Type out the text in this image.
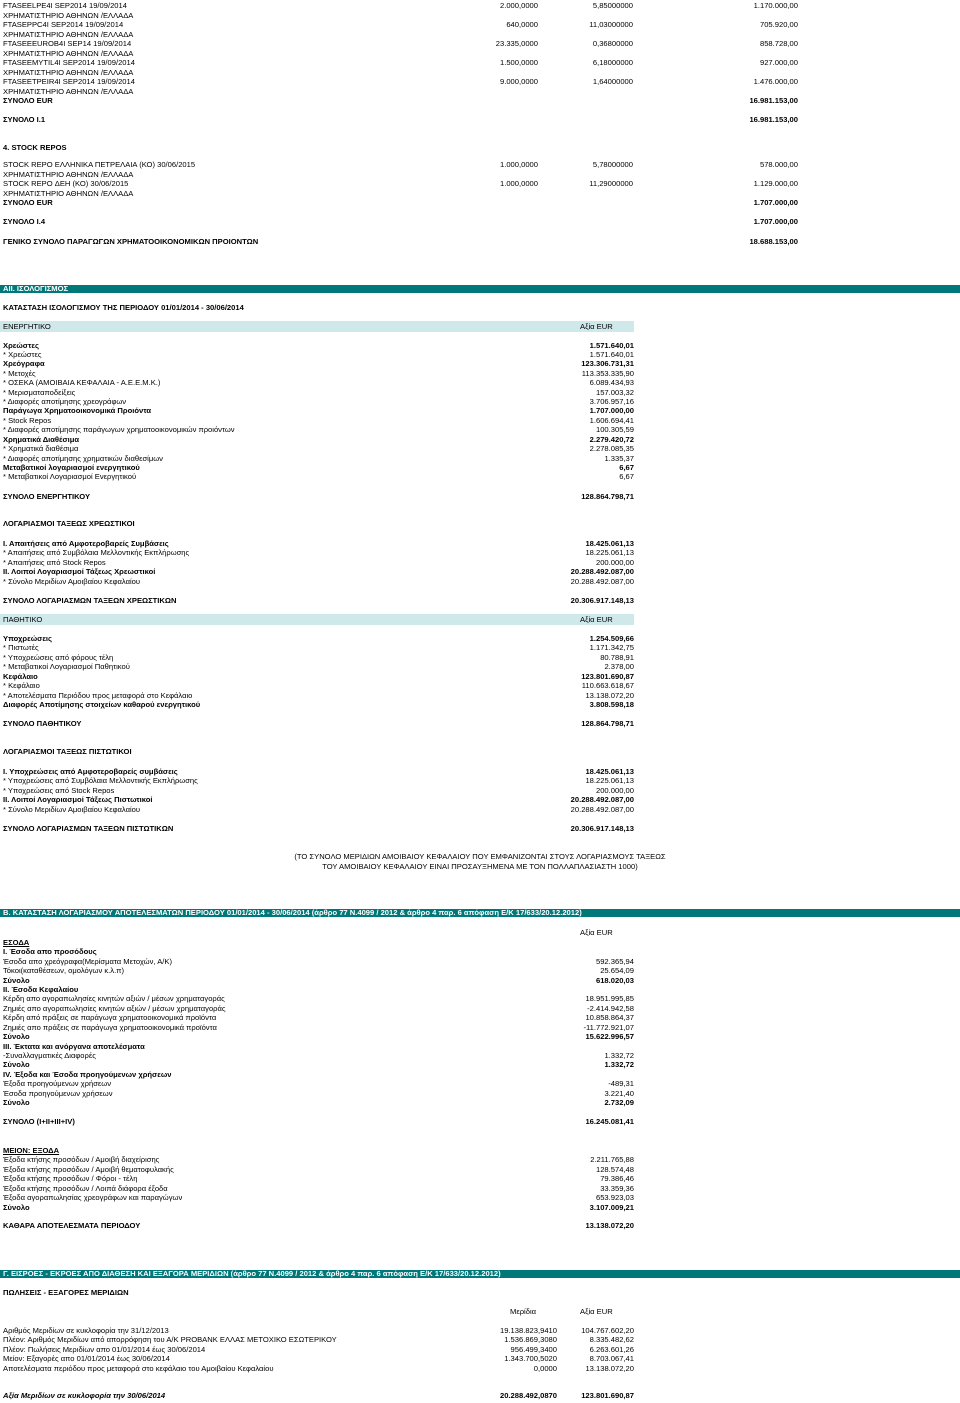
FTASEELPE4I SEP2014 19/09/2014	2.000,0000	5,85000000	1.170.000,00
ΧΡΗΜΑΤΙΣΤΗΡΙΟ ΑΘΗΝΩΝ /ΕΛΛΑΔΑ
FTASEPPC4I SEP2014 19/09/2014	640,0000	11,03000000	705.920,00
ΧΡΗΜΑΤΙΣΤΗΡΙΟ ΑΘΗΝΩΝ /ΕΛΛΑΔΑ
FTASEEEUROB4I SEP14 19/09/2014	23.335,0000	0,36800000	858.728,00
ΧΡΗΜΑΤΙΣΤΗΡΙΟ ΑΘΗΝΩΝ /ΕΛΛΑΔΑ
FTASEEMYTIL4I SEP2014 19/09/2014	1.500,0000	6,18000000	927.000,00
ΧΡΗΜΑΤΙΣΤΗΡΙΟ ΑΘΗΝΩΝ /ΕΛΛΑΔΑ
FTASEETPEIR4I SEP2014 19/09/2014	9.000,0000	1,64000000	1.476.000,00
ΧΡΗΜΑΤΙΣΤΗΡΙΟ ΑΘΗΝΩΝ /ΕΛΛΑΔΑ
ΣΥΝΟΛΟ EUR	16.981.153,00
ΣΥΝΟΛΟ I.1	16.981.153,00
4. STOCK REPOS
STOCK REPO ΕΛΛΗΝΙΚΑ ΠΕΤΡΕΛΑΙΑ (ΚΟ) 30/06/2015	1.000,0000	5,78000000	578.000,00
ΧΡΗΜΑΤΙΣΤΗΡΙΟ ΑΘΗΝΩΝ /ΕΛΛΑΔΑ
STOCK REPO ΔΕΗ (ΚΟ) 30/06/2015	1.000,0000	11,29000000	1.129.000,00
ΧΡΗΜΑΤΙΣΤΗΡΙΟ ΑΘΗΝΩΝ /ΕΛΛΑΔΑ
ΣΥΝΟΛΟ EUR	1.707.000,00
ΣΥΝΟΛΟ I.4	1.707.000,00
ΓΕΝΙΚΟ ΣΥΝΟΛΟ ΠΑΡΑΓΩΓΩΝ ΧΡΗΜΑΤΟΟΙΚΟΝΟΜΙΚΩΝ ΠΡΟΙΟΝΤΩΝ	18.688.153,00
ΑΙΙ. ΙΣΟΛΟΓΙΣΜΟΣ
ΚΑΤΑΣΤΑΣΗ ΙΣΟΛΟΓΙΣΜΟΥ ΤΗΣ ΠΕΡΙΟΔΟΥ 01/01/2014 - 30/06/2014
ΕΝΕΡΓΗΤΙΚΟ	Αξία EUR
Χρεώστες	1.571.640,01
* Χρεώστες	1.571.640,01
Χρεόγραφα	123.306.731,31
* Μετοχές	113.353.335,90
* ΟΣΕΚΑ (ΑΜΟΙΒΑΙΑ ΚΕΦΑΛΑΙΑ - Α.Ε.Ε.Μ.Κ.)	6.089.434,93
* Μερισματαποδείξεις	157.003,32
* Διαφορές αποτίμησης χρεογράφων	3.706.957,16
Παράγωγα Χρηματοοικονομικά Προιόντα	1.707.000,00
* Stock Repos	1.606.694,41
* Διαφορές αποτίμησης παράγωγων χρηματοοικονομικών προιόντων	100.305,59
Χρηματικά Διαθέσιμα	2.279.420,72
* Χρηματικά διαθέσιμα	2.278.085,35
* Διαφορές αποτίμησης χρηματικών διαθεσίμων	1.335,37
Μεταβατικοί λογαριασμοί ενεργητικού	6,67
* Μεταβατικοί Λογαριασμοί Ενεργητικού	6,67
ΣΥΝΟΛΟ ΕΝΕΡΓΗΤΙΚΟΥ	128.864.798,71
ΛΟΓΑΡΙΑΣΜΟΙ ΤΑΞΕΩΣ ΧΡΕΩΣΤΙΚΟΙ
Ι. Απαιτήσεις από Αμφοτεροβαρείς Συμβάσεις	18.425.061,13
* Απαιτήσεις από Συμβόλαια Μελλοντικής Εκπλήρωσης	18.225.061,13
* Απαιτήσεις από Stock Repos	200.000,00
ΙΙ. Λοιποί Λογαριασμοί Τάξεως Χρεωστικοί	20.288.492.087,00
* Σύνολο Μεριδίων Αμοιβαίου Κεφαλαίου	20.288.492.087,00
ΣΥΝΟΛΟ ΛΟΓΑΡΙΑΣΜΩΝ ΤΑΞΕΩΝ ΧΡΕΩΣΤΙΚΩΝ	20.306.917.148,13
ΠΑΘΗΤΙΚΟ	Αξία EUR
Υποχρεώσεις	1.254.509,66
* Πιστωτές	1.171.342,75
* Υποχρεώσεις από φόρους τέλη	80.788,91
* Μεταβατικοί Λογαριασμοί Παθητικού	2.378,00
Κεφάλαιο	123.801.690,87
* Κεφάλαιο	110.663.618,67
* Αποτελέσματα Περιόδου προς μεταφορά στο Κεφάλαιο	13.138.072,20
Διαφορές Αποτίμησης στοιχείων καθαρού ενεργητικού	3.808.598,18
ΣΥΝΟΛΟ ΠΑΘΗΤΙΚΟΥ	128.864.798,71
ΛΟΓΑΡΙΑΣΜΟΙ ΤΑΞΕΩΣ ΠΙΣΤΩΤΙΚΟΙ
Ι. Υποχρεώσεις από Αμφοτεροβαρείς συμβάσεις	18.425.061,13
* Υποχρεώσεις από Συμβόλαια Μελλοντικής Εκπλήρωσης	18.225.061,13
* Υποχρεώσεις από Stock Repos	200.000,00
ΙΙ. Λοιποί Λογαριασμοί Τάξεως Πιστωτικοί	20.288.492.087,00
* Σύνολο Μεριδίων Αμοιβαίου Κεφαλαίου	20.288.492.087,00
ΣΥΝΟΛΟ ΛΟΓΑΡΙΑΣΜΩΝ ΤΑΞΕΩΝ ΠΙΣΤΩΤΙΚΩΝ	20.306.917.148,13
(ΤΟ ΣΥΝΟΛΟ ΜΕΡΙΔΙΩΝ ΑΜΟΙΒΑΙΟΥ ΚΕΦΑΛΑΙΟΥ ΠΟΥ ΕΜΦΑΝΙΖΟΝΤΑΙ ΣΤΟΥΣ ΛΟΓΑΡΙΑΣΜΟΥΣ ΤΑΞΕΩΣ
ΤΟΥ ΑΜΟΙΒΑΙΟΥ ΚΕΦΑΛΑΙΟΥ ΕΙΝΑΙ ΠΡΟΣΑΥΞΗΜΕΝΑ ΜΕ ΤΟΝ ΠΟΛΛΑΠΛΑΣΙΑΣΤΗ 1000)
Β. ΚΑΤΑΣΤΑΣΗ ΛΟΓΑΡΙΑΣΜΟΥ ΑΠΟΤΕΛΕΣΜΑΤΩΝ ΠΕΡΙΟΔΟΥ 01/01/2014 - 30/06/2014 (άρθρο 77 Ν.4099 / 2012 & άρθρο 4 παρ. 6 απόφαση Ε/Κ 17/633/20.12.2012)
Αξία EUR
ΕΣΟΔΑ
Ι. Έσοδα απο προσόδους
Έσοδα απο χρεόγραφα(Μερίσματα Μετοχών, Α/Κ)	592.365,94
Τόκοι(καταθέσεων, ομολόγων κ.λ.π)	25.654,09
Σύνολο	618.020,03
ΙΙ. Έσοδα Κεφαλαίου
Κέρδη απο αγοραπωλησίες κινητών αξιών / μέσων χρηματαγοράς	18.951.995,85
Ζημιές απο αγοραπωλησίες κινητών αξιών / μέσων χρηματαγοράς	-2.414.942,58
Κέρδη από πράξεις σε παράγωγα χρηματοοικονομικά προϊόντα	10.858.864,37
Ζημιές απο πράξεις σε παράγωγα χρηματοοικονομικά προϊόντα	-11.772.921,07
Σύνολο	15.622.996,57
ΙΙΙ. Έκτατα και ανόργανα αποτελέσματα
-Συναλλαγματικές Διαφορές	1.332,72
Σύνολο	1.332,72
ΙV. Έξοδα και Έσοδα προηγούμενων χρήσεων
Έξοδα προηγούμενων χρήσεων	-489,31
Έσοδα προηγούμενων χρήσεων	3.221,40
Σύνολο	2.732,09
ΣΥΝΟΛΟ (Ι+ΙΙ+ΙΙΙ+ΙV)	16.245.081,41
ΜΕΙΟΝ: ΕΞΟΔΑ
Έξοδα κτήσης προσόδων / Αμοιβή διαχείρισης	2.211.765,88
Έξοδα κτήσης προσόδων / Αμοιβή θεματοφυλακής	128.574,48
Έξοδα κτήσης προσόδων / Φόροι - τέλη	79.386,46
Έξοδα κτήσης προσόδων / Λοιπά διάφορα έξοδα	33.359,36
Έξοδα αγοραπωλησίας χρεογράφων και παραγώγων	653.923,03
Σύνολο	3.107.009,21
ΚΑΘΑΡΑ ΑΠΟΤΕΛΕΣΜΑΤΑ ΠΕΡΙΟΔΟΥ	13.138.072,20
Γ. ΕΙΣΡΟΕΣ - ΕΚΡΟΕΣ ΑΠΟ ΔΙΑΘΕΣΗ ΚΑΙ ΕΞΑΓΟΡΑ ΜΕΡΙΔΙΩΝ (άρθρο 77 Ν.4099 / 2012 & άρθρο 4 παρ. 6 απόφαση Ε/Κ 17/633/20.12.2012)
ΠΩΛΗΣΕΙΣ - ΕΞΑΓΟΡΕΣ ΜΕΡΙΔΙΩΝ
Μερίδια	Αξία EUR
Αριθμός Μεριδίων σε κυκλοφορία την 31/12/2013	19.138.823,9410	104.767.602,20
Πλέον: Αριθμός Μεριδίων από απορρόφηση του Α/Κ PROBANK ΕΛΛΑΣ ΜΕΤΟΧΙΚΟ ΕΣΩΤΕΡΙΚΟΥ	1.536.869,3080	8.335.482,62
Πλέον: Πωλήσεις Μεριδίων απο 01/01/2014 έως 30/06/2014	956.499,3400	6.263.601,26
Μείον: Εξαγορές απο 01/01/2014 έως 30/06/2014	1.343.700,5020	8.703.067,41
Αποτελέσματα περιόδου προς μεταφορά στο κεφάλαιο του Αμοιβαίου Κεφαλαίου	0,0000	13.138.072,20
Αξία Μεριδίων σε κυκλοφορία την 30/06/2014	20.288.492,0870	123.801.690,87
